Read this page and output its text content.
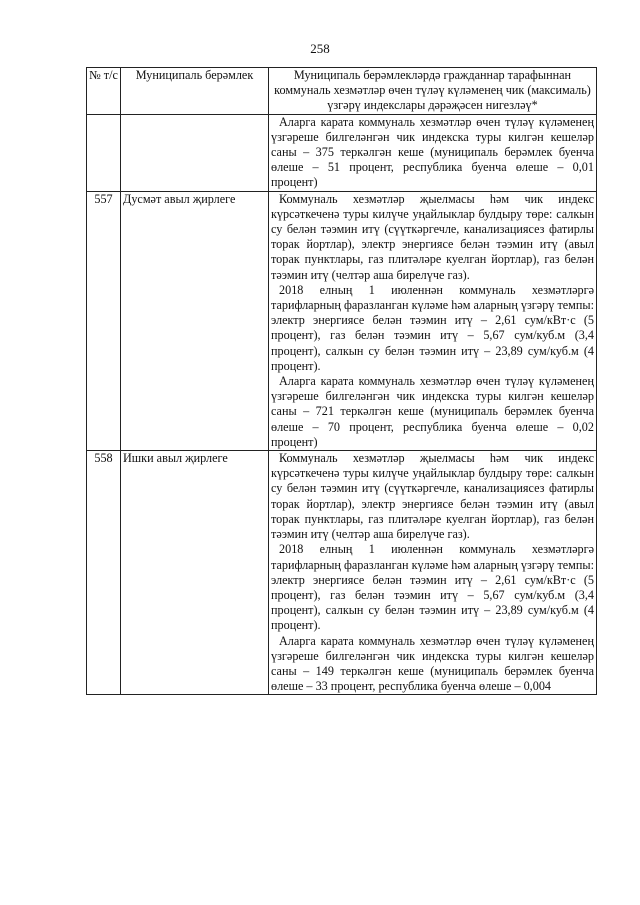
258
№ т/с	Муниципаль берәмлек	Муниципаль берәмлекләрдә гражданнар тарафыннан коммуналь хезмәтләр өчен түләү күләменең чик (максималь) үзгәрү индекслары дәрәҗәсен нигезләү*

		Аларга карата коммуналь хезмәтләр өчен түләү күләменең үзгәреше билгеләнгән чик индекска туры килгән кешеләр саны – 375 теркәлгән кеше (муниципаль берәмлек буенча өлеше – 51 процент, республика буенча өлеше – 0,01 процент)

557	Дусмәт авыл җирлеге	Коммуналь хезмәтләр җыелмасы һәм чик индекс күрсәткеченә туры килүче уңайлыклар булдыру төре: салкын су белән тәэмин итү (сүүткәргечле, канализациясез фатирлы торак йортлар), электр энергиясе белән тәэмин итү (авыл торак пунктлары, газ плитәләре куелган йортлар), газ белән тәэмин итү (челтәр аша бирелүче газ).

2018 елның 1 июленнән коммуналь хезмәтләргә тарифларның фаразланган күләме һәм аларның үзгәрү темпы: электр энергиясе белән тәэмин итү – 2,61 сум/кВт·с (5 процент), газ белән тәэмин итү – 5,67 сум/куб.м (3,4 процент), салкын су белән тәэмин итү – 23,89 сум/куб.м (4 процент).

Аларга карата коммуналь хезмәтләр өчен түләү күләменең үзгәреше билгеләнгән чик индекска туры килгән кешеләр саны – 721 теркәлгән кеше (муниципаль берәмлек буенча өлеше – 70 процент, республика буенча өлеше – 0,02 процент)

558	Ишки авыл җирлеге	Коммуналь хезмәтләр җыелмасы һәм чик индекс күрсәткеченә туры килүче уңайлыклар булдыру төре: салкын су белән тәэмин итү (сүүткәргечле, канализациясез фатирлы торак йортлар), электр энергиясе белән тәэмин итү (авыл торак пунктлары, газ плитәләре куелган йортлар), газ белән тәэмин итү (челтәр аша бирелүче газ).

2018 елның 1 июленнән коммуналь хезмәтләргә тарифларның фаразланган күләме һәм аларның үзгәрү темпы: электр энергиясе белән тәэмин итү – 2,61 сум/кВт·с (5 процент), газ белән тәэмин итү – 5,67 сум/куб.м (3,4 процент), салкын су белән тәэмин итү – 23,89 сум/куб.м (4 процент).

Аларга карата коммуналь хезмәтләр өчен түләү күләменең үзгәреше билгеләнгән чик индекска туры килгән кешеләр саны – 149 теркәлгән кеше (муниципаль берәмлек буенча өлеше – 33 процент, республика буенча өлеше – 0,004
